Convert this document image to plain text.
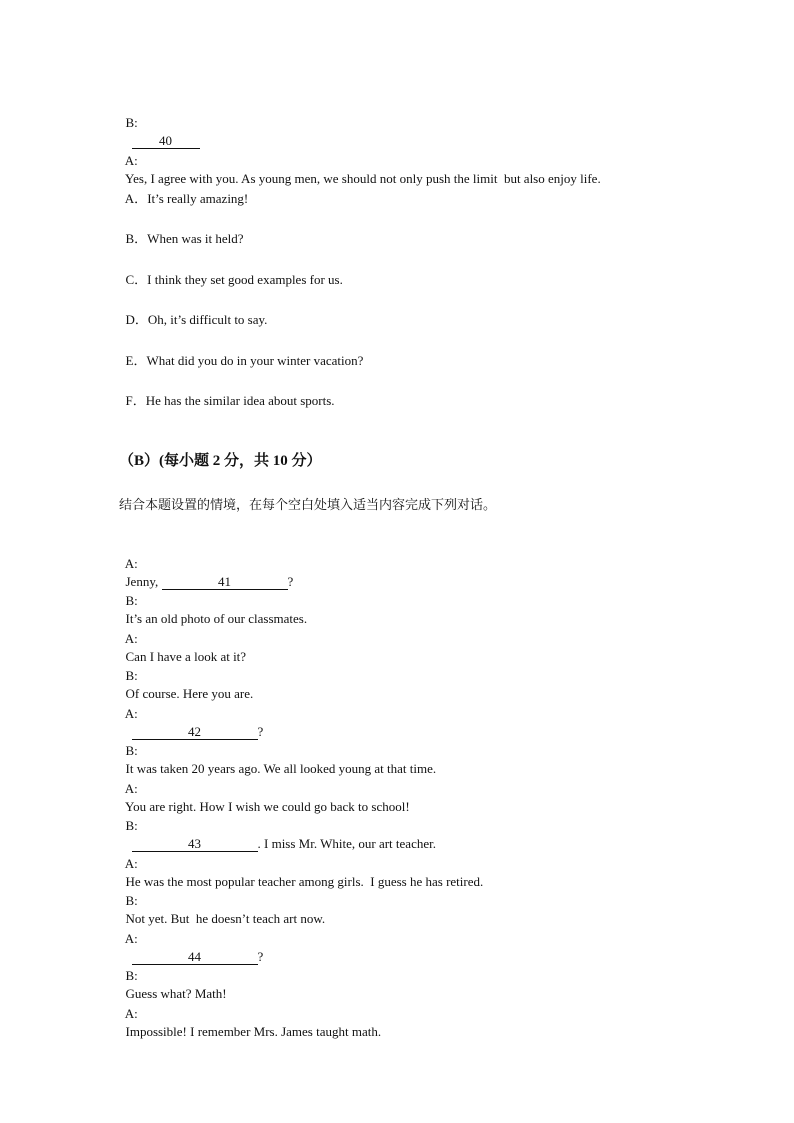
B:
40

A:
Yes, I agree with you. As young men, we should not only push the limit  but also enjoy life.

A．It’s really amazing!

B．When was it held?

C．I think they set good examples for us.

D．Oh, it’s difficult to say.

E．What did you do in your winter vacation?

F．He has the similar idea about sports.

（B）(每小题 2 分，共 10 分）
结合本题设置的情境，在每个空白处填入适当内容完成下列对话。

A:
Jenny,	41	?

B:
It’s an old photo of our classmates.

A:
Can I have a look at it?

B:
Of course. Here you are.

A:
42	?

B:
It was taken 20 years ago. We all looked young at that time.

A:
You are right. How I wish we could go back to school!

B:
43	. I miss Mr. White, our art teacher.

A:
He was the most popular teacher among girls.  I guess he has retired.

B:
Not yet. But  he doesn’t teach art now.

A:
44	?

B:
Guess what? Math!

A:
Impossible! I remember Mrs. James taught math.
